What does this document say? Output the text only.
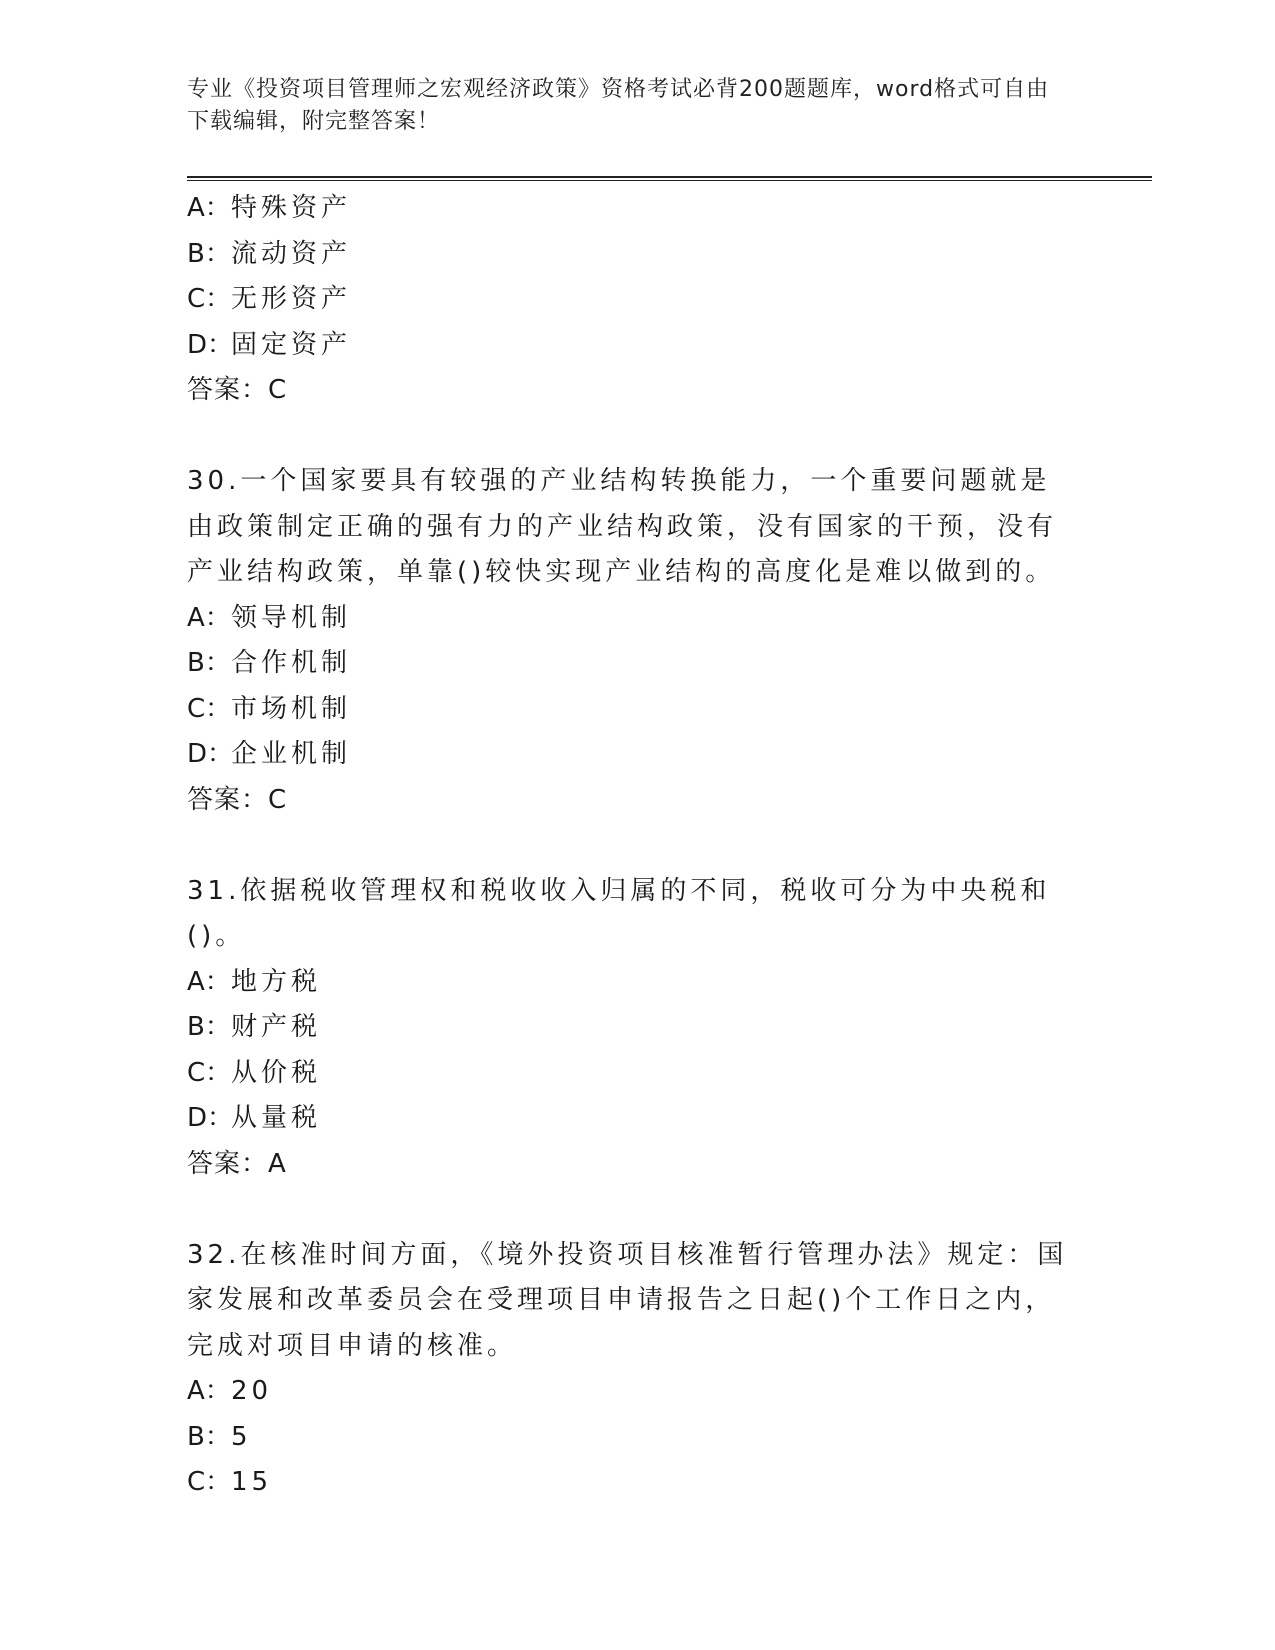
专业《投资项目管理师之宏观经济政策》资格考试必背200题题库，word格式可自由下载编辑，附完整答案！
A：特殊资产
B：流动资产
C：无形资产
D：固定资产
答案：C
30.一个国家要具有较强的产业结构转换能力，一个重要问题就是由政策制定正确的强有力的产业结构政策，没有国家的干预，没有产业结构政策，单靠()较快实现产业结构的高度化是难以做到的。
A：领导机制
B：合作机制
C：市场机制
D：企业机制
答案：C
31.依据税收管理权和税收收入归属的不同，税收可分为中央税和()。
A：地方税
B：财产税
C：从价税
D：从量税
答案：A
32.在核准时间方面，《境外投资项目核准暂行管理办法》规定：国家发展和改革委员会在受理项目申请报告之日起()个工作日之内，完成对项目申请的核准。
A：20
B：5
C：15
